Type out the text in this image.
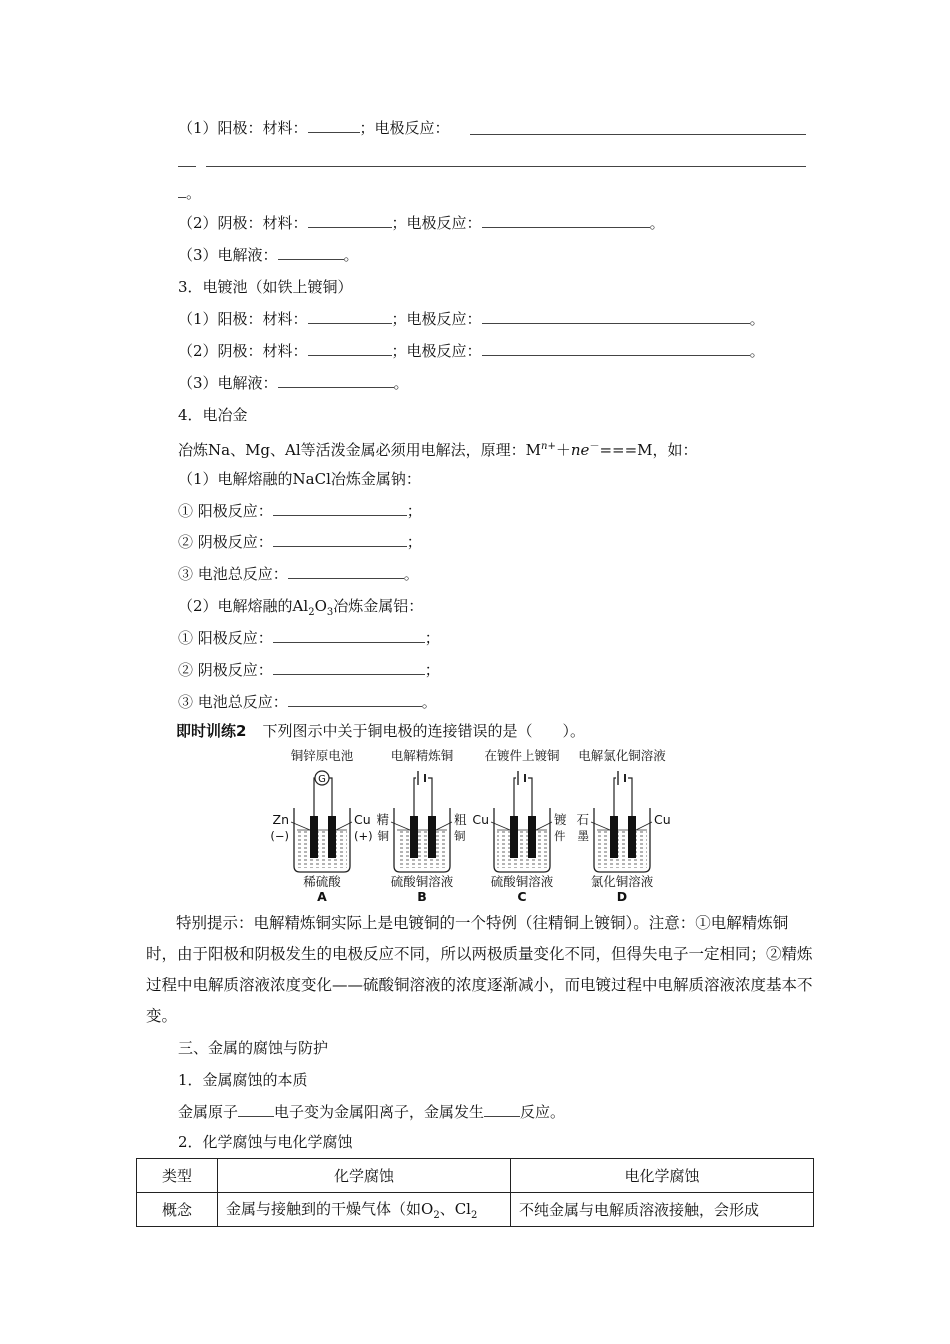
（1）阳极：材料：	；电极反应：
。
（2）阴极：材料：	；电极反应：	。
（3）电解液：	。
3．电镀池（如铁上镀铜）
（1）阳极：材料：	；电极反应：	。
（2）阴极：材料：	；电极反应：	。
（3）电解液：	。
4．电冶金
冶炼Na、Mg、Al等活泼金属必须用电解法，原理：$M^{n+}+ne^-===M$，如：
（1）电解熔融的NaCl冶炼金属钠：
① 阳极反应：	；
② 阴极反应：	；
③ 电池总反应：	。
（2）电解熔融的$Al_2O_3$冶炼金属铝：
① 阳极反应：	；
② 阴极反应：	；
③ 电池总反应：	。
即时训练2 下列图示中关于铜电极的连接错误的是（　　）。
铜锌原电池
G
Zn
(−)
Cu
(+)
稀硫酸
A
电解精炼铜
精
铜
粗
铜
硫酸铜溶液
B
在镀件上镀铜
Cu	镀
件
硫酸铜溶液
C
电解氯化铜溶液
石
墨
Cu
氯化铜溶液
D
特别提示：电解精炼铜实际上是电镀铜的一个特例（往精铜上镀铜）。注意：①电解精炼铜时，由于阳极和阴极发生的电极反应不同，所以两极质量变化不同，但得失电子一定相同；②精炼过程中电解质溶液浓度变化——硫酸铜溶液的浓度逐渐减小，而电镀过程中电解质溶液浓度基本不变。
三、金属的腐蚀与防护
1．金属腐蚀的本质
金属原子 电子变为金属阳离子，金属发生 反应。
2．化学腐蚀与电化学腐蚀
类型	化学腐蚀	电化学腐蚀
概念	金属与接触到的干燥气体（如$O_2$、$Cl_2$	不纯金属与电解质溶液接触，会形成
